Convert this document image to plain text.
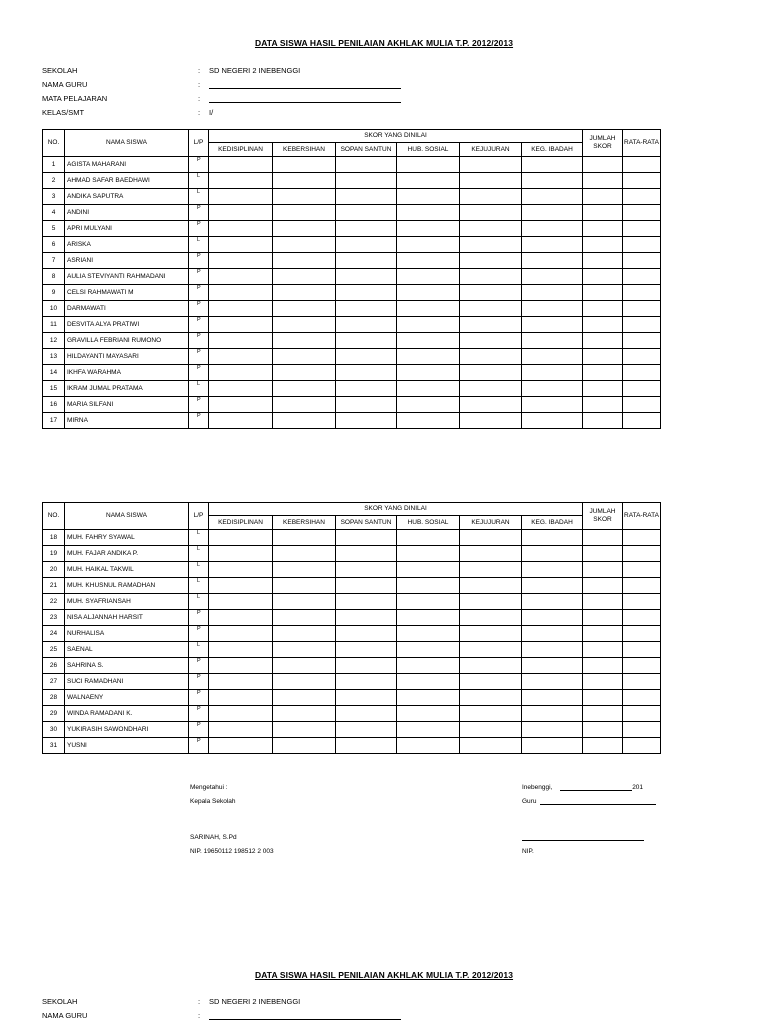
DATA SISWA HASIL PENILAIAN AKHLAK MULIA T.P. 2012/2013
SEKOLAH	: SD NEGERI 2 INEBENGGI
NAMA GURU	:
MATA PELAJARAN	:
KELAS/SMT	: I/
NO.	NAMA SISWA	L/P	SKOR YANG DINILAI						JUMLAH SKOR	RATA-RATA
			KEDISIPLINAN	KEBERSIHAN	SOPAN SANTUN	HUB. SOSIAL	KEJUJURAN	KEG. IBADAH		
1	AGISTA MAHARANI	P								
2	AHMAD SAFAR BAEDHAWI	L								
3	ANDIKA SAPUTRA	L								
4	ANDINI	P								
5	APRI MULYANI	P								
6	ARISKA	L								
7	ASRIANI	P								
8	AULIA STEVIYANTI RAHMADANI	P								
9	CELSI RAHMAWATI M	P								
10	DARMAWATI	P								
11	DESVITA ALYA PRATIWI	P								
12	GRAVILLA FEBRIANI RUMONO	P								
13	HILDAYANTI MAYASARI	P								
14	IKHFA WARAHMA	P								
15	IKRAM JUMAL PRATAMA	L								
16	MARIA SILFANI	P								
17	MIRNA	P								
NO.	NAMA SISWA	L/P	SKOR YANG DINILAI						JUMLAH SKOR	RATA-RATA
			KEDISIPLINAN	KEBERSIHAN	SOPAN SANTUN	HUB. SOSIAL	KEJUJURAN	KEG. IBADAH		
18	MUH. FAHRY SYAWAL	L								
19	MUH. FAJAR ANDIKA P.	L								
20	MUH. HAIKAL TAKWIL	L								
21	MUH. KHUSNUL RAMADHAN	L								
22	MUH. SYAFRIANSAH	L								
23	NISA ALJANNAH HARSIT	P								
24	NURHALISA	P								
25	SAENAL	L								
26	SAHRINA S.	P								
27	SUCI RAMADHANI	P								
28	WALNAENY	P								
29	WINDA RAMADANI K.	P								
30	YUKIRASIH SAWONDHARI	P								
31	YUSNI	P								
Mengetahui :
Kepala Sekolah
SARINAH, S.Pd
NIP. 19650112 198512 2 003
Inebenggi,	201
Guru
NIP.
DATA SISWA HASIL PENILAIAN AKHLAK MULIA T.P. 2012/2013
SEKOLAH	: SD NEGERI 2 INEBENGGI
NAMA GURU	:
